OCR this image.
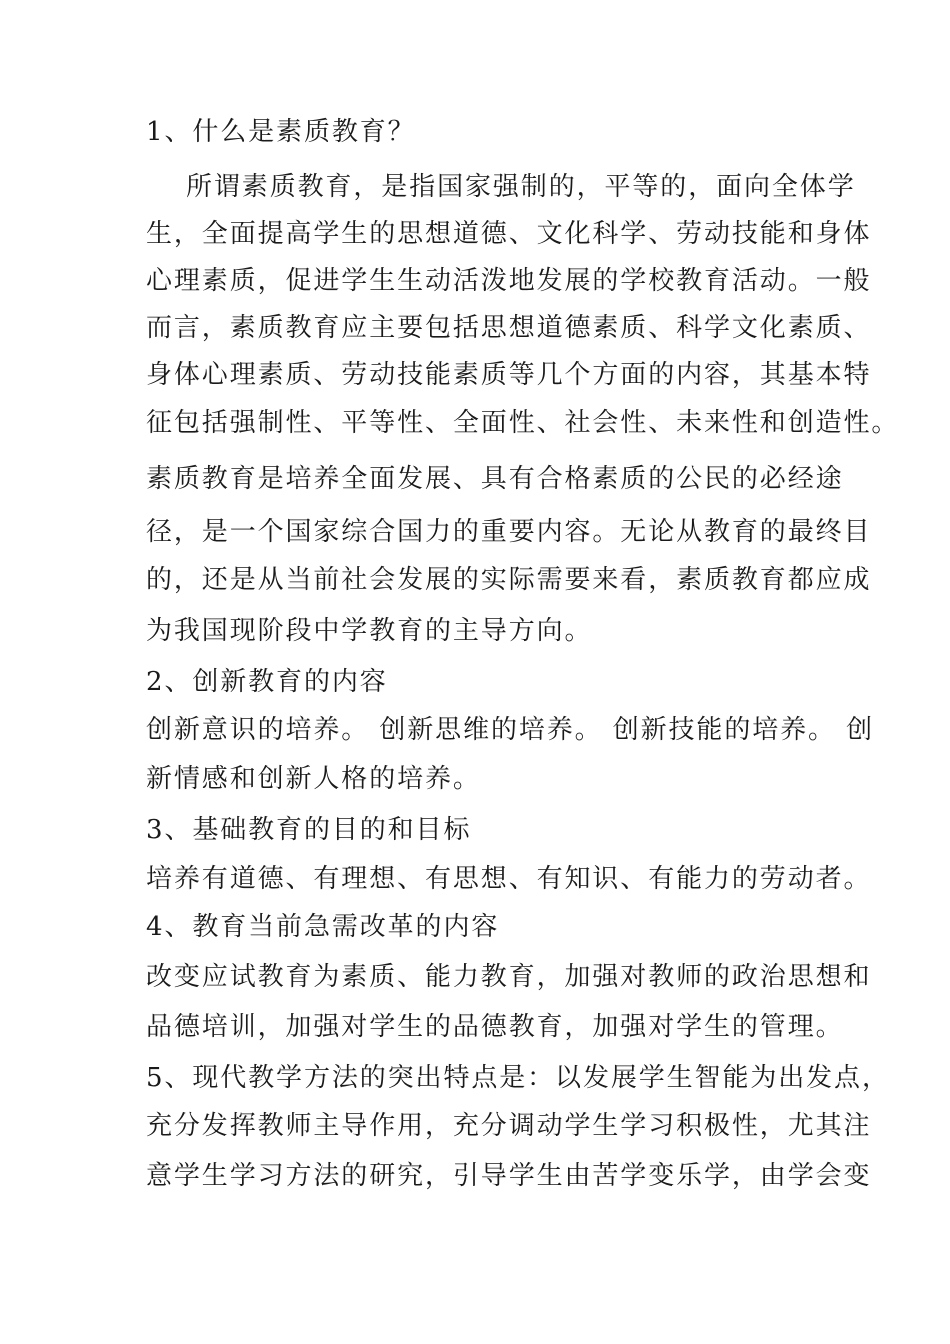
1、什么是素质教育？

所谓素质教育，是指国家强制的，平等的，面向全体学

生，全面提高学生的思想道德、文化科学、劳动技能和身体

心理素质，促进学生生动活泼地发展的学校教育活动。一般

而言，素质教育应主要包括思想道德素质、科学文化素质、

身体心理素质、劳动技能素质等几个方面的内容，其基本特

征包括强制性、平等性、全面性、社会性、未来性和创造性。

素质教育是培养全面发展、具有合格素质的公民的必经途

径，是一个国家综合国力的重要内容。无论从教育的最终目

的，还是从当前社会发展的实际需要来看，素质教育都应成

为我国现阶段中学教育的主导方向。

2、创新教育的内容

创新意识的培养。 创新思维的培养。 创新技能的培养。 创

新情感和创新人格的培养。

3、基础教育的目的和目标

培养有道德、有理想、有思想、有知识、有能力的劳动者。

4、教育当前急需改革的内容

改变应试教育为素质、能力教育，加强对教师的政治思想和

品德培训，加强对学生的品德教育，加强对学生的管理。

5、现代教学方法的突出特点是：以发展学生智能为出发点，

充分发挥教师主导作用，充分调动学生学习积极性，尤其注

意学生学习方法的研究，引导学生由苦学变乐学，由学会变
